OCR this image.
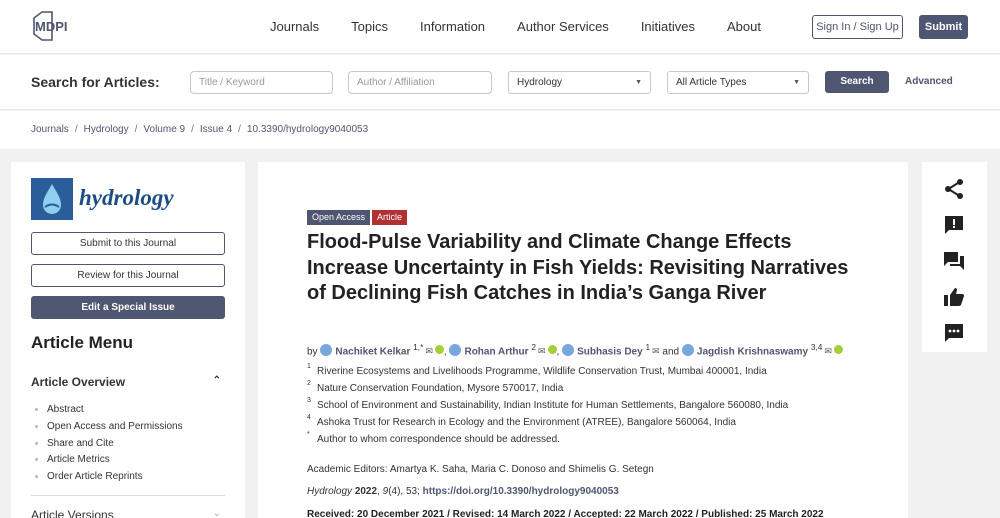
MDPI	Journals Topics Information Author Services Initiatives About	Sign In / Sign Up	Submit
Search for Articles:	Title / Keyword	Author / Affiliation	Hydrology	▼	All Article Types	▼	Search	Advanced
Journals / Hydrology / Volume 9 / Issue 4 / 10.3390/hydrology9040053
hydrology
Submit to this Journal
Review for this Journal
Edit a Special Issue
Article Menu
Article Overview	⌃
Abstract
Open Access and Permissions
Share and Cite
Article Metrics
Order Article Reprints
Article Versions	⌄
Open Access	Article
Flood-Pulse Variability and Climate Change Effects Increase Uncertainty in Fish Yields: Revisiting Narratives of Declining Fish Catches in India’s Ganga River
by Nachiket Kelkar $^{1,*}$ ✉ , Rohan Arthur $^2$ ✉ , Subhasis Dey $^1$ ✉ and Jagdish Krishnaswamy $^{3,4}$ ✉
1 Riverine Ecosystems and Livelihoods Programme, Wildlife Conservation Trust, Mumbai 400001, India
2 Nature Conservation Foundation, Mysore 570017, India
3 School of Environment and Sustainability, Indian Institute for Human Settlements, Bangalore 560080, India
4 Ashoka Trust for Research in Ecology and the Environment (ATREE), Bangalore 560064, India
* Author to whom correspondence should be addressed.
Academic Editors: Amartya K. Saha, Maria C. Donoso and Shimelis G. Setegn
Hydrology 2022, 9(4), 53; https://doi.org/10.3390/hydrology9040053
Received: 20 December 2021 / Revised: 14 March 2022 / Accepted: 22 March 2022 / Published: 25 March 2022
